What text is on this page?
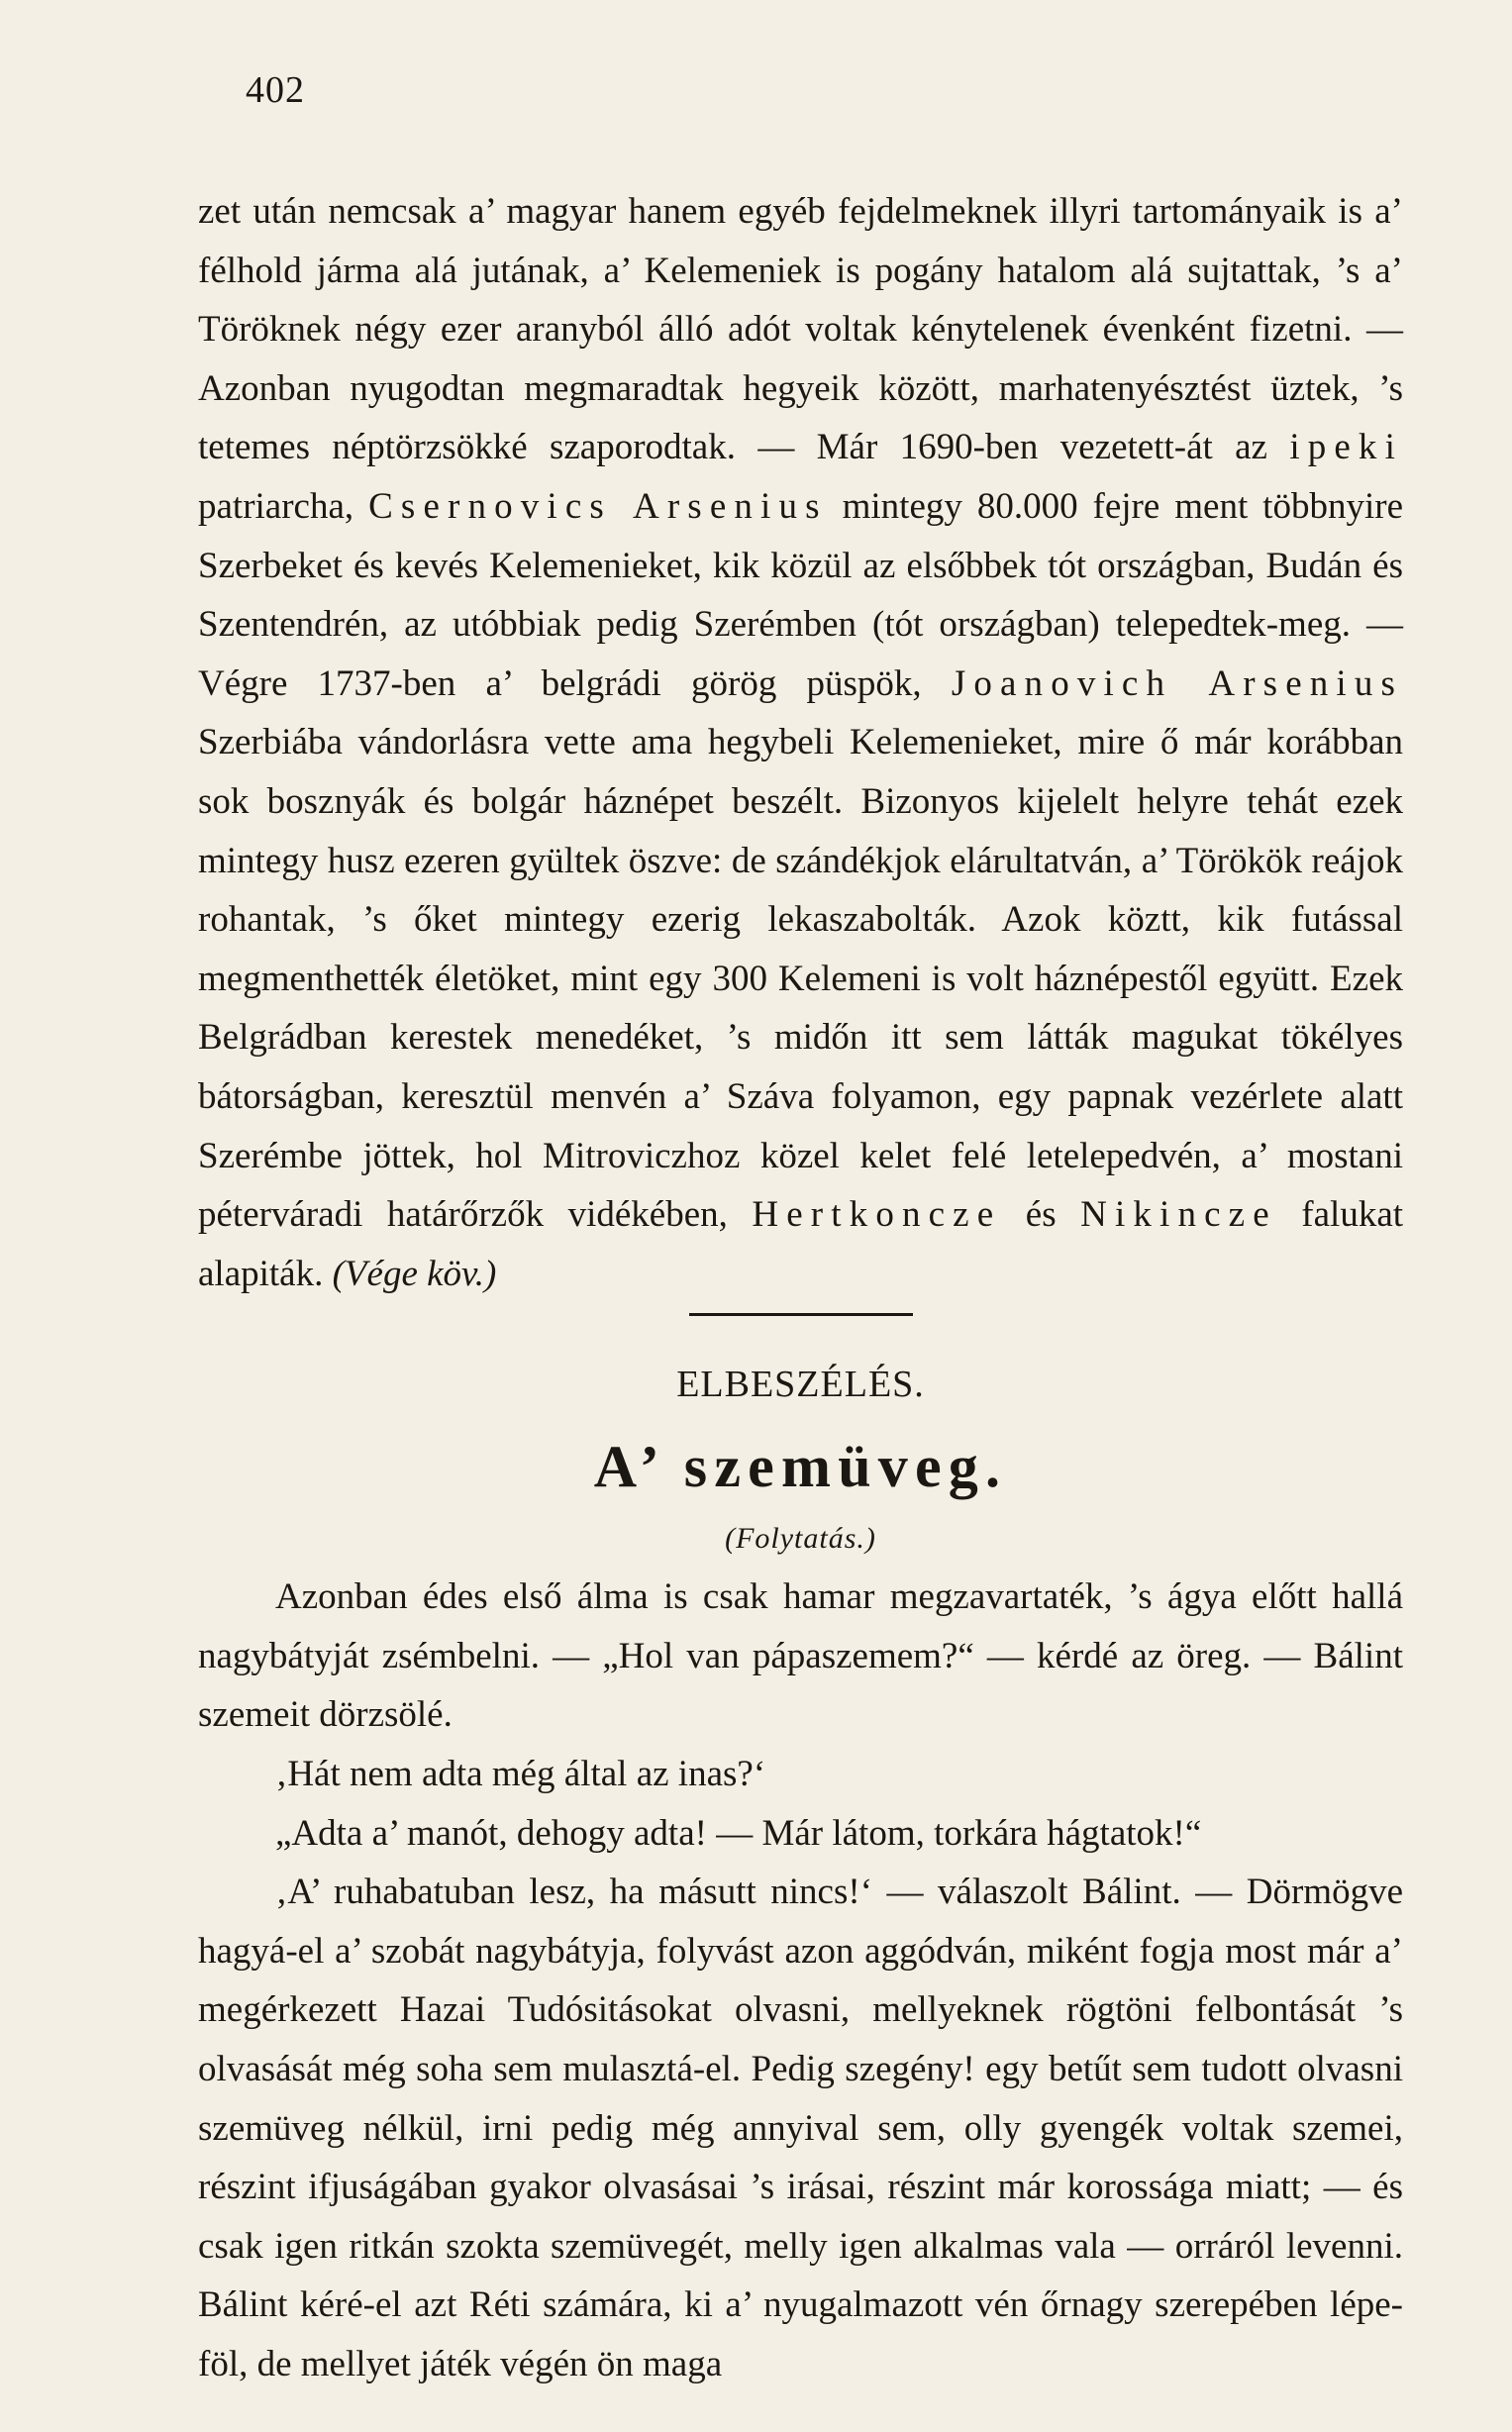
402

zet után nemcsak a’ magyar hanem egyéb fejdelmeknek illyri tartományaik is a’ félhold járma alá jutának, a’ Kelemeniek is pogány hatalom alá sujtattak, ’s a’ Töröknek négy ezer aranyból álló adót voltak kénytelenek évenként fizetni. — Azonban nyugodtan megmaradtak hegyeik között, marhatenyésztést üztek, ’s tetemes néptörzsökké szaporodtak. — Már 1690-ben vezetett-át az ipeki patriarcha, Csernovics Arsenius mintegy 80.000 fejre ment többnyire Szerbeket és kevés Kelemenieket, kik közül az elsőbbek tót országban, Budán és Szentendrén, az utóbbiak pedig Szerémben (tót országban) telepedtek-meg. — Végre 1737-ben a’ belgrádi görög püspök, Joanovich Arsenius Szerbiába vándorlásra vette ama hegybeli Kelemenieket, mire ő már korábban sok bosznyák és bolgár háznépet beszélt. Bizonyos kijelelt helyre tehát ezek mintegy husz ezeren gyültek öszve: de szándékjok elárultatván, a’ Törökök reájok rohantak, ’s őket mintegy ezerig lekaszabolták. Azok köztt, kik futással megmenthették életöket, mint egy 300 Kelemeni is volt háznépestől együtt. Ezek Belgrádban kerestek menedéket, ’s midőn itt sem látták magukat tökélyes bátorságban, keresztül menvén a’ Száva folyamon, egy papnak vezérlete alatt Szerémbe jöttek, hol Mitroviczhoz közel kelet felé letelepedvén, a’ mostani péterváradi határőrzők vidékében, Hertkoncze és Nikincze falukat alapiták. (Vége köv.)

ELBESZÉLÉS.
A’ szemüveg.
(Folytatás.)

Azonban édes első álma is csak hamar megzavartaték, ’s ágya előtt hallá nagybátyját zsémbelni. — „Hol van pápaszemem?“ — kérdé az öreg. — Bálint szemeit dörzsölé.

‚Hát nem adta még által az inas?‘

„Adta a’ manót, dehogy adta! — Már látom, torkára hágtatok!“

‚A’ ruhabatuban lesz, ha másutt nincs!‘ — válaszolt Bálint. — Dörmögve hagyá-el a’ szobát nagybátyja, folyvást azon aggódván, miként fogja most már a’ megérkezett Hazai Tudósitásokat olvasni, mellyeknek rögtöni felbontását ’s olvasását még soha sem mulasztá-el. Pedig szegény! egy betűt sem tudott olvasni szemüveg nélkül, irni pedig még annyival sem, olly gyengék voltak szemei, részint ifjuságában gyakor olvasásai ’s irásai, részint már korossága miatt; — és csak igen ritkán szokta szemüvegét, melly igen alkalmas vala — orráról levenni. Bálint kéré-el azt Réti számára, ki a’ nyugalmazott vén őrnagy szerepében lépe-föl, de mellyet játék végén ön maga
